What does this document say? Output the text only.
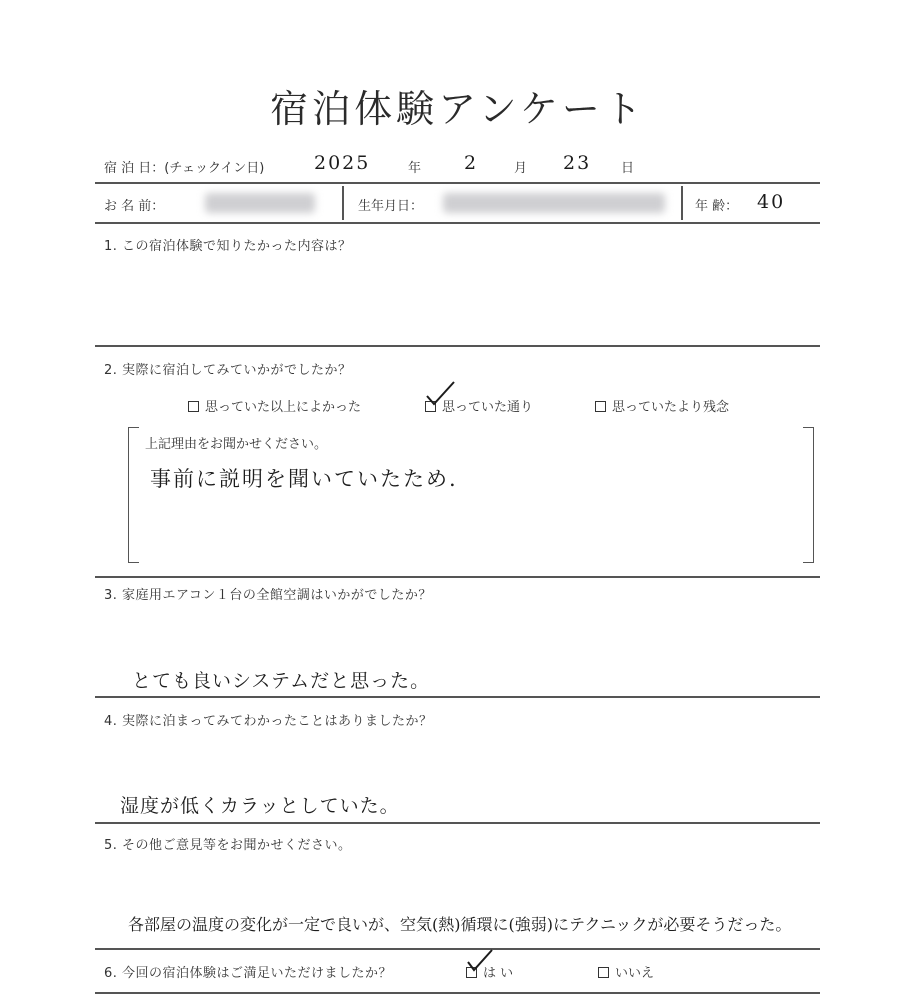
宿泊体験アンケート
宿 泊 日：(チェックイン日)	2025	年 2	月 23 日
お 名 前：	生年月日：	年 齢： 40
1. この宿泊体験で知りたかった内容は？
2. 実際に宿泊してみていかがでしたか？
思っていた以上によかった	思っていた通り	思っていたより残念
上記理由をお聞かせください。
事前に説明を聞いていたため.
3. 家庭用エアコン１台の全館空調はいかがでしたか？
とても良いシステムだと思った。
4. 実際に泊まってみてわかったことはありましたか？
湿度が低くカラッとしていた。
5. その他ご意見等をお聞かせください。
各部屋の温度の変化が一定で良いが、空気(熱)循環に(強弱)にテクニックが必要そうだった。
6. 今回の宿泊体験はご満足いただけましたか？	は い	いいえ
